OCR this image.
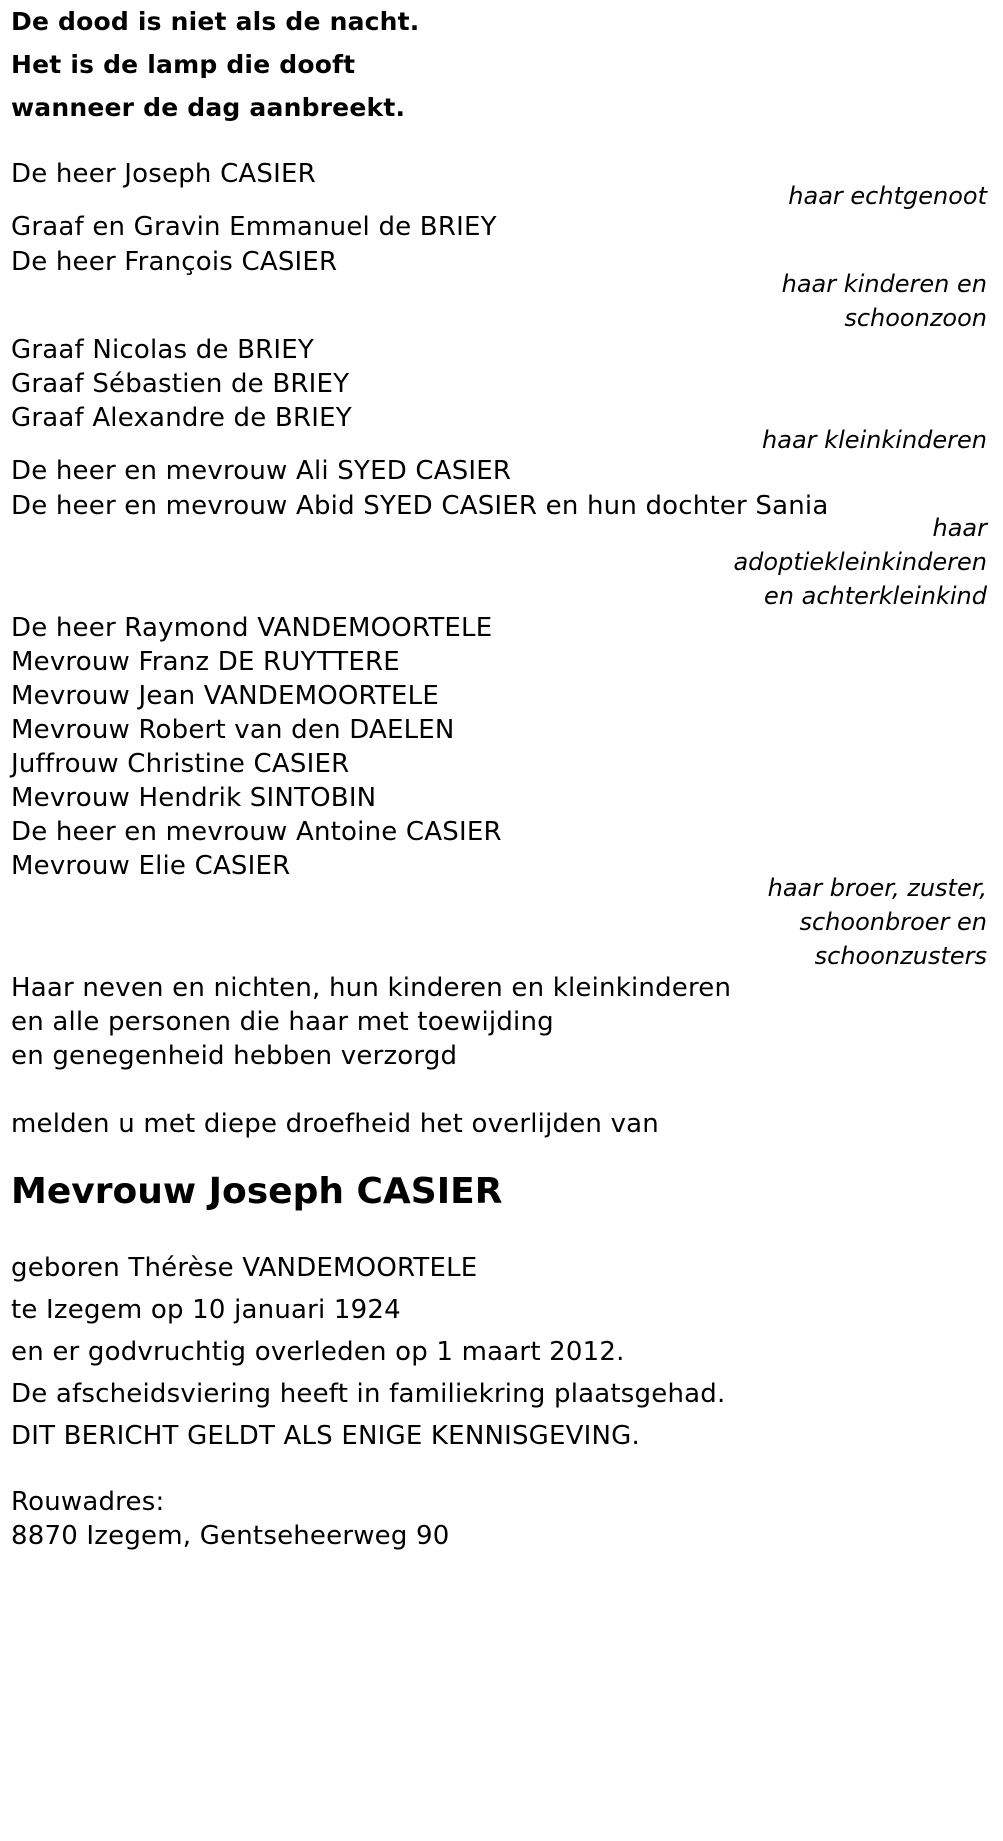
De dood is niet als de nacht.
Het is de lamp die dooft
wanneer de dag aanbreekt.
De heer Joseph CASIER
haar echtgenoot
Graaf en Gravin Emmanuel de BRIEY
De heer François CASIER
haar kinderen en
schoonzoon
Graaf Nicolas de BRIEY
Graaf Sébastien de BRIEY
Graaf Alexandre de BRIEY
haar kleinkinderen
De heer en mevrouw Ali SYED CASIER
De heer en mevrouw Abid SYED CASIER en hun dochter Sania
haar
adoptiekleinkinderen
en achterkleinkind
De heer Raymond VANDEMOORTELE
Mevrouw Franz DE RUYTTERE
Mevrouw Jean VANDEMOORTELE
Mevrouw Robert van den DAELEN
Juffrouw Christine CASIER
Mevrouw Hendrik SINTOBIN
De heer en mevrouw Antoine CASIER
Mevrouw Elie CASIER
haar broer, zuster,
schoonbroer en
schoonzusters
Haar neven en nichten, hun kinderen en kleinkinderen
en alle personen die haar met toewijding
en genegenheid hebben verzorgd
melden u met diepe droefheid het overlijden van
Mevrouw Joseph CASIER
geboren Thérèse VANDEMOORTELE
te Izegem op 10 januari 1924
en er godvruchtig overleden op 1 maart 2012.
De afscheidsviering heeft in familiekring plaatsgehad.
DIT BERICHT GELDT ALS ENIGE KENNISGEVING.
Rouwadres:
8870 Izegem, Gentseheerweg 90
